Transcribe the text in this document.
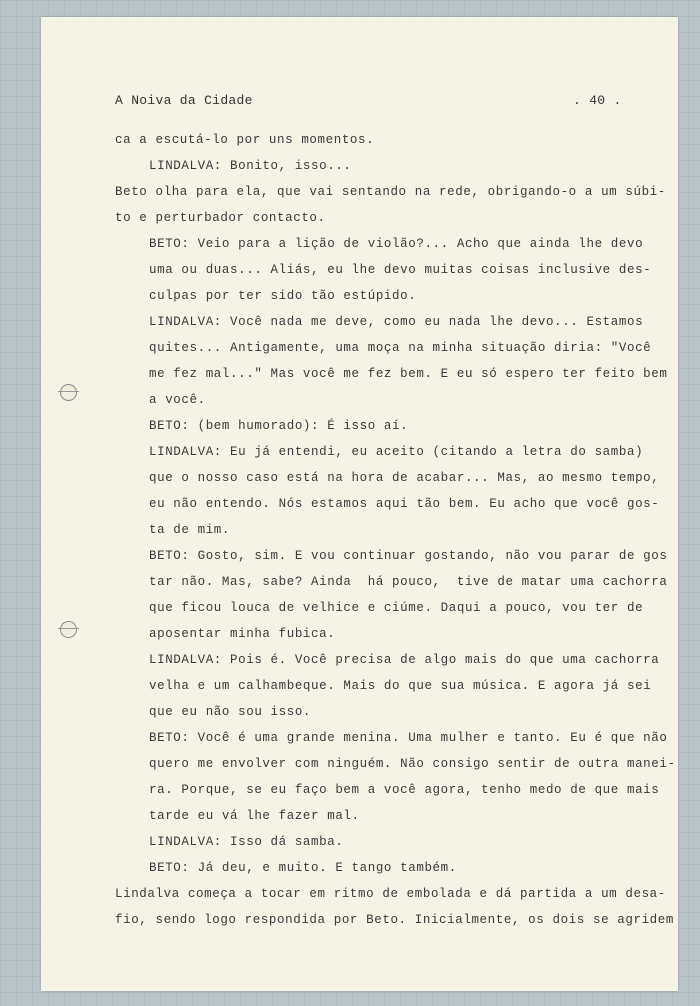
A Noiva da Cidade	. 40 .
ca a escutá-lo por uns momentos.
LINDALVA: Bonito, isso...
Beto olha para ela, que vai sentando na rede, obrigando-o a um súbi-
to e perturbador contacto.
BETO: Veio para a lição de violão?... Acho que ainda lhe devo
uma ou duas... Aliás, eu lhe devo muitas coisas inclusive des-
culpas por ter sido tão estúpido.
LINDALVA: Você nada me deve, como eu nada lhe devo... Estamos
quites... Antigamente, uma moça na minha situação diria: "Você
me fez mal..." Mas você me fez bem. E eu só espero ter feito bem
a você.
BETO: (bem humorado): É isso aí.
LINDALVA: Eu já entendi, eu aceito (citando a letra do samba)
que o nosso caso está na hora de acabar... Mas, ao mesmo tempo,
eu não entendo. Nós estamos aqui tão bem. Eu acho que você gos-
ta de mim.
BETO: Gosto, sim. E vou continuar gostando, não vou parar de gos
tar não. Mas, sabe? Ainda  há pouco,  tive de matar uma cachorra
que ficou louca de velhice e ciúme. Daqui a pouco, vou ter de
aposentar minha fubica.
LINDALVA: Pois é. Você precisa de algo mais do que uma cachorra
velha e um calhambeque. Mais do que sua música. E agora já sei
que eu não sou isso.
BETO: Você é uma grande menina. Uma mulher e tanto. Eu é que não
quero me envolver com ninguém. Não consigo sentir de outra manei-
ra. Porque, se eu faço bem a você agora, tenho medo de que mais
tarde eu vá lhe fazer mal.
LINDALVA: Isso dá samba.
BETO: Já deu, e muito. E tango também.
Lindalva começa a tocar em ritmo de embolada e dá partida a um desa-
fio, sendo logo respondida por Beto. Inicialmente, os dois se agridem
